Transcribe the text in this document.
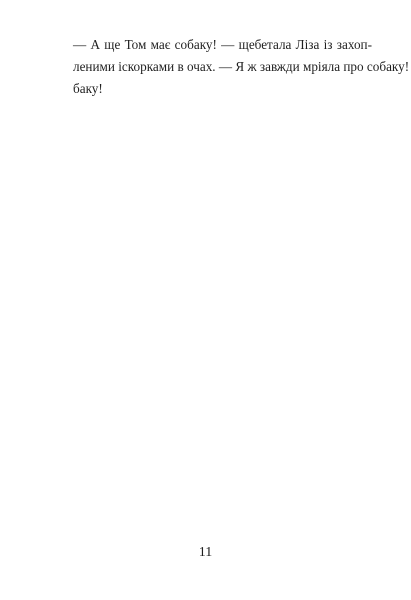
— А ще Том має собаку! — щебетала Ліза із захоп-
леними іскорками в очах. — Я ж завжди мріяла про собаку!
баку!

11
